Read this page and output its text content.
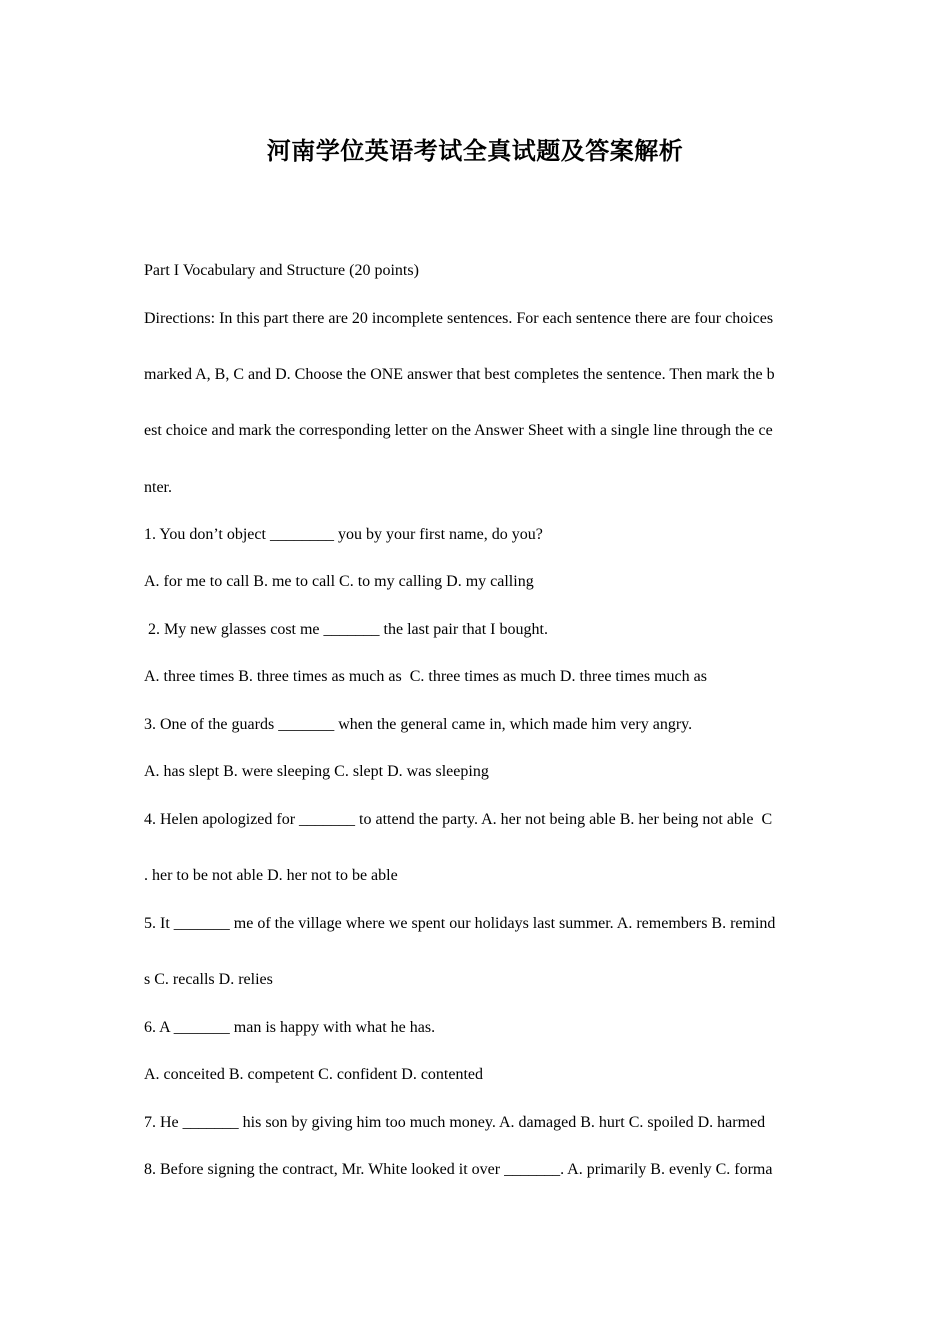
河南学位英语考试全真试题及答案解析
Part I Vocabulary and Structure (20 points)
Directions: In this part there are 20 incomplete sentences. For each sentence there are four choices
marked A, B, C and D. Choose the ONE answer that best completes the sentence. Then mark the b
est choice and mark the corresponding letter on the Answer Sheet with a single line through the ce
nter.
1. You don’t object ________ you by your first name, do you?
A. for me to call B. me to call C. to my calling D. my calling
2. My new glasses cost me _______ the last pair that I bought.
A. three times B. three times as much as  C. three times as much D. three times much as
3. One of the guards _______ when the general came in, which made him very angry.
A. has slept B. were sleeping C. slept D. was sleeping
4. Helen apologized for _______ to attend the party. A. her not being able B. her being not able  C
. her to be not able D. her not to be able
5. It _______ me of the village where we spent our holidays last summer. A. remembers B. remind
s C. recalls D. relies
6. A _______ man is happy with what he has.
A. conceited B. competent C. confident D. contented
7. He _______ his son by giving him too much money. A. damaged B. hurt C. spoiled D. harmed
8. Before signing the contract, Mr. White looked it over _______. A. primarily B. evenly C. forma
